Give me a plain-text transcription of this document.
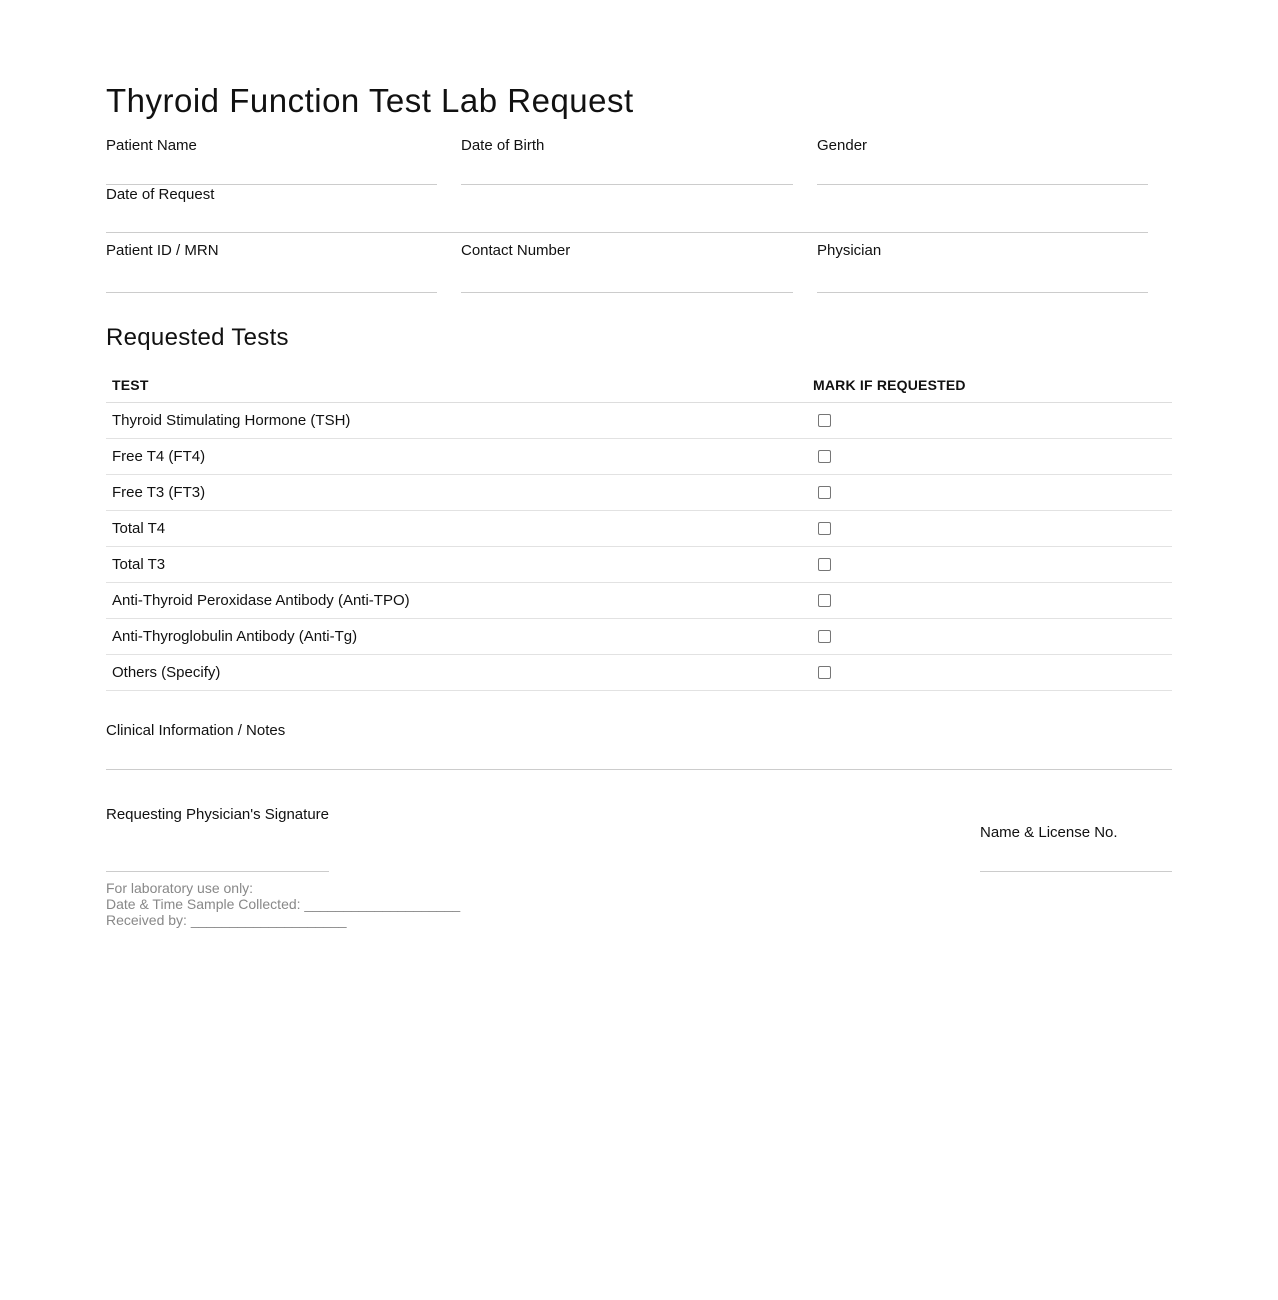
Thyroid Function Test Lab Request
Patient Name	Date of Birth	Gender
Date of Request
Patient ID / MRN	Contact Number	Physician
Requested Tests
TEST	MARK IF REQUESTED
Thyroid Stimulating Hormone (TSH)	
Free T4 (FT4)	
Free T3 (FT3)	
Total T4	
Total T3	
Anti-Thyroid Peroxidase Antibody (Anti-TPO)	
Anti-Thyroglobulin Antibody (Anti-Tg)	
Others (Specify)	
Clinical Information / Notes
Requesting Physician's Signature
Name & License No.
For laboratory use only:
Date & Time Sample Collected: ____________________
Received by: ____________________
